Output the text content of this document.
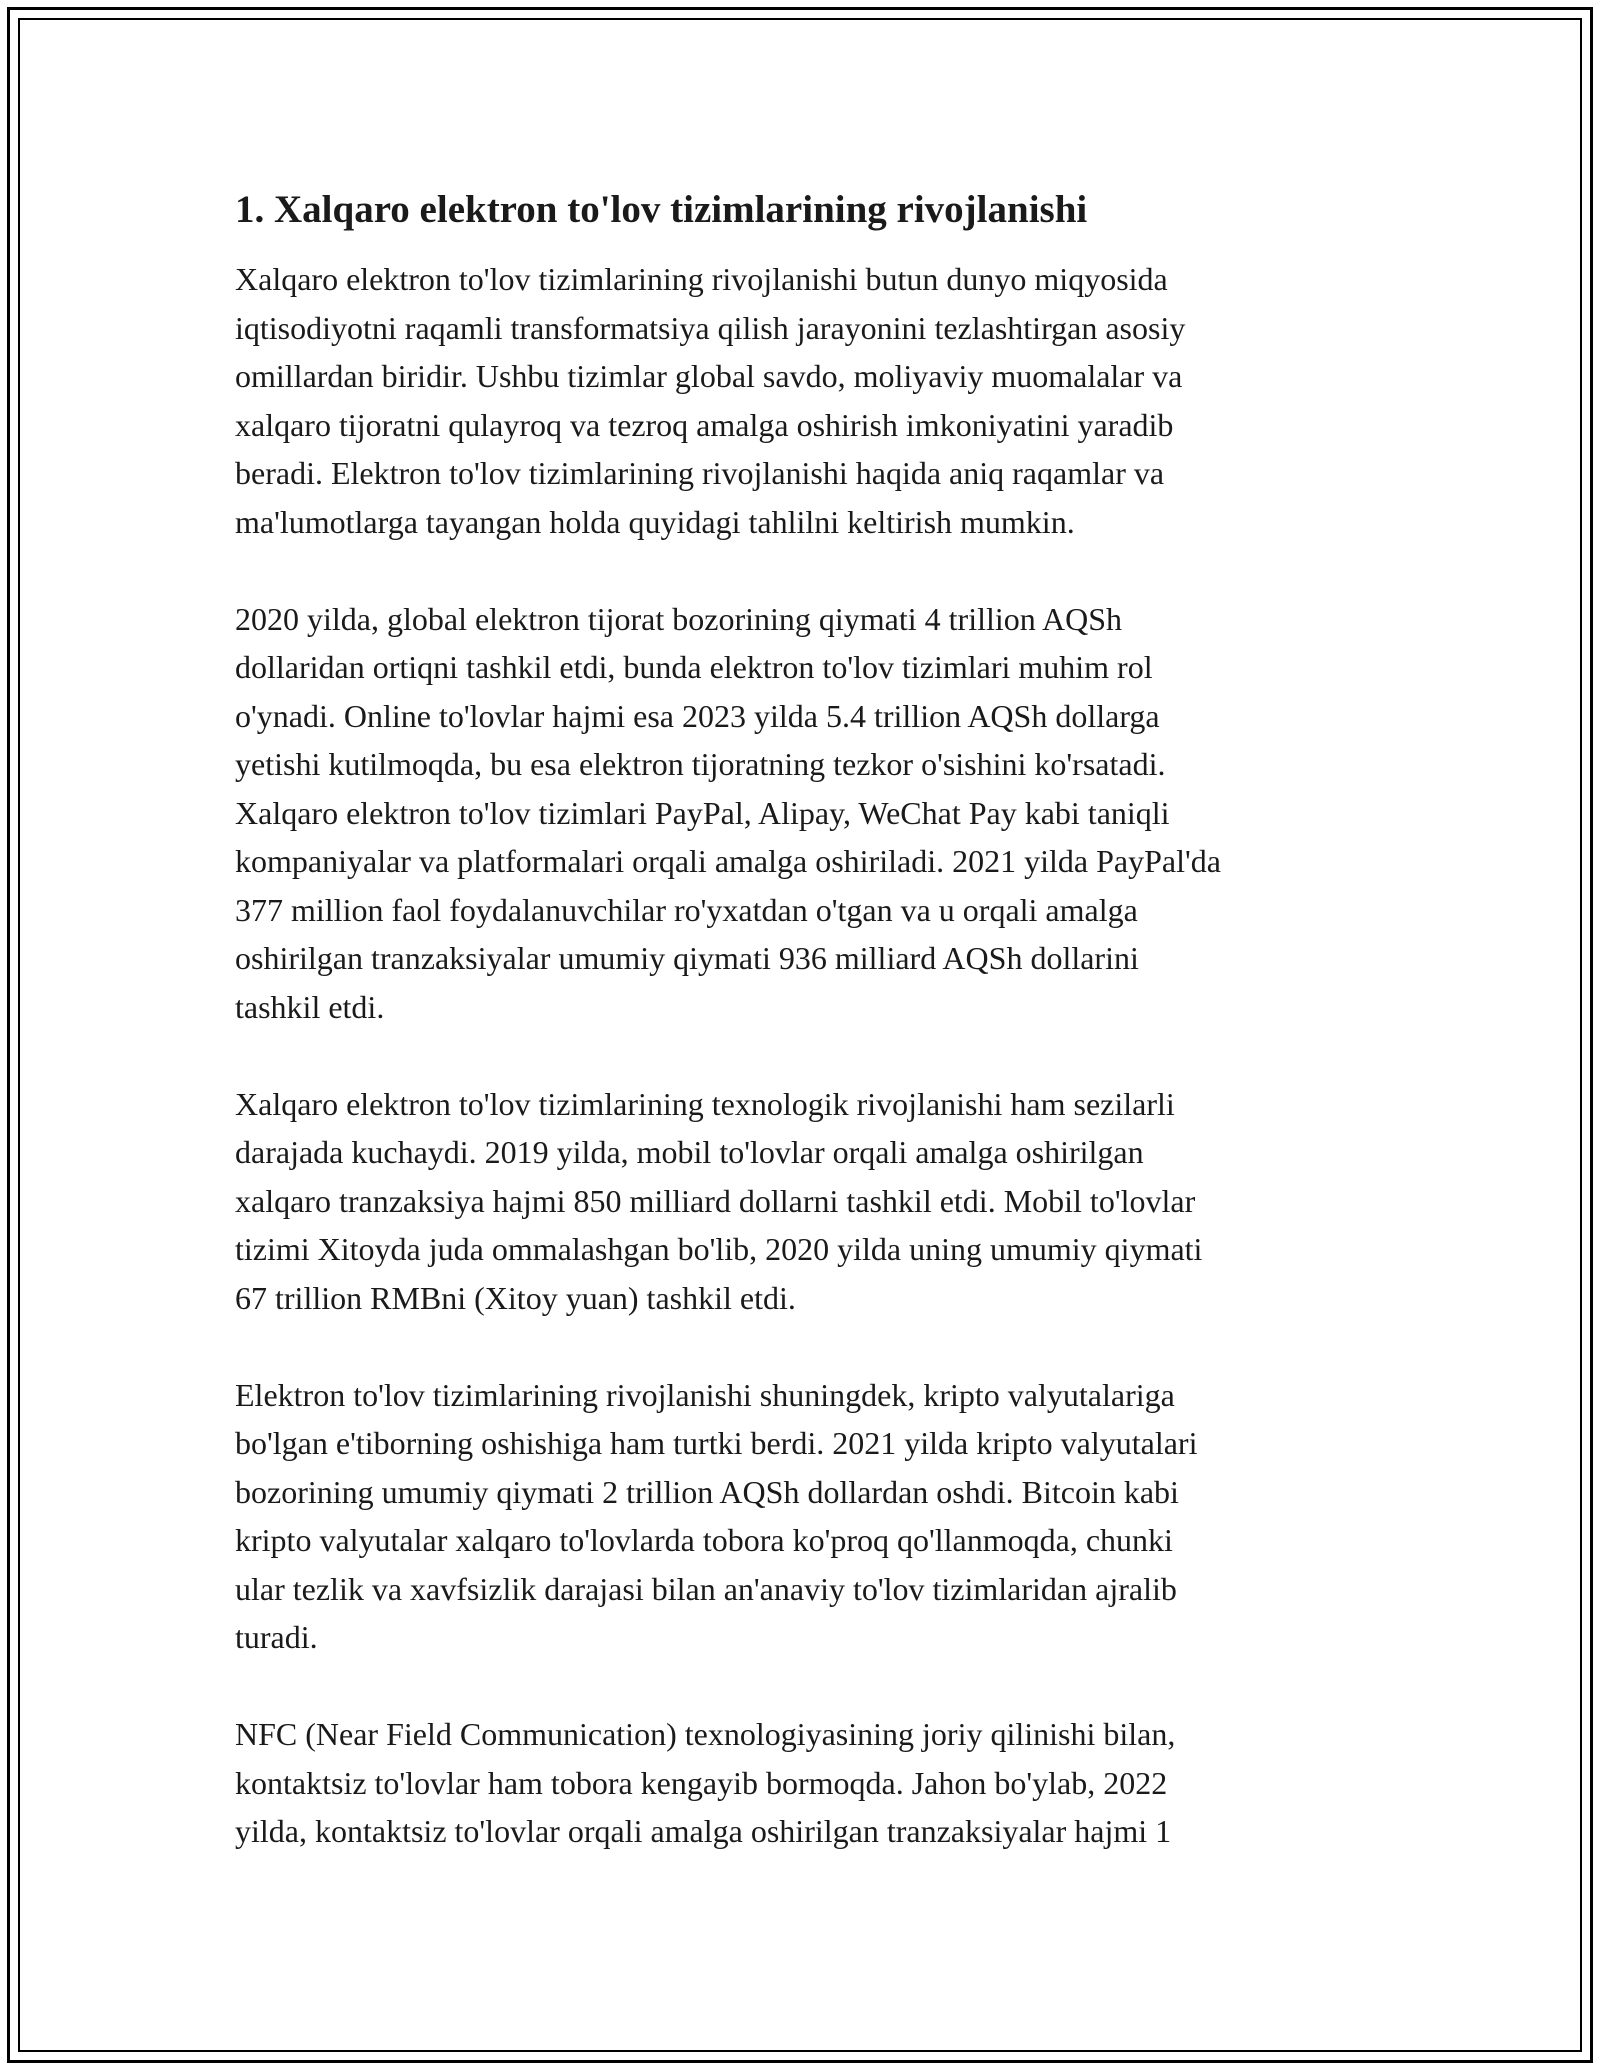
1. Xalqaro elektron to'lov tizimlarining rivojlanishi

Xalqaro elektron to'lov tizimlarining rivojlanishi butun dunyo miqyosida
iqtisodiyotni raqamli transformatsiya qilish jarayonini tezlashtirgan asosiy
omillardan biridir. Ushbu tizimlar global savdo, moliyaviy muomalalar va
xalqaro tijoratni qulayroq va tezroq amalga oshirish imkoniyatini yaradib
beradi. Elektron to'lov tizimlarining rivojlanishi haqida aniq raqamlar va
ma'lumotlarga tayangan holda quyidagi tahlilni keltirish mumkin.

2020 yilda, global elektron tijorat bozorining qiymati 4 trillion AQSh
dollaridan ortiqni tashkil etdi, bunda elektron to'lov tizimlari muhim rol
o'ynadi. Online to'lovlar hajmi esa 2023 yilda 5.4 trillion AQSh dollarga
yetishi kutilmoqda, bu esa elektron tijoratning tezkor o'sishini ko'rsatadi.
Xalqaro elektron to'lov tizimlari PayPal, Alipay, WeChat Pay kabi taniqli
kompaniyalar va platformalari orqali amalga oshiriladi. 2021 yilda PayPal'da
377 million faol foydalanuvchilar ro'yxatdan o'tgan va u orqali amalga
oshirilgan tranzaksiyalar umumiy qiymati 936 milliard AQSh dollarini
tashkil etdi.

Xalqaro elektron to'lov tizimlarining texnologik rivojlanishi ham sezilarli
darajada kuchaydi. 2019 yilda, mobil to'lovlar orqali amalga oshirilgan
xalqaro tranzaksiya hajmi 850 milliard dollarni tashkil etdi. Mobil to'lovlar
tizimi Xitoyda juda ommalashgan bo'lib, 2020 yilda uning umumiy qiymati
67 trillion RMBni (Xitoy yuan) tashkil etdi.

Elektron to'lov tizimlarining rivojlanishi shuningdek, kripto valyutalariga
bo'lgan e'tiborning oshishiga ham turtki berdi. 2021 yilda kripto valyutalari
bozorining umumiy qiymati 2 trillion AQSh dollardan oshdi. Bitcoin kabi
kripto valyutalar xalqaro to'lovlarda tobora ko'proq qo'llanmoqda, chunki
ular tezlik va xavfsizlik darajasi bilan an'anaviy to'lov tizimlaridan ajralib
turadi.

NFC (Near Field Communication) texnologiyasining joriy qilinishi bilan,
kontaktsiz to'lovlar ham tobora kengayib bormoqda. Jahon bo'ylab, 2022
yilda, kontaktsiz to'lovlar orqali amalga oshirilgan tranzaksiyalar hajmi 1
